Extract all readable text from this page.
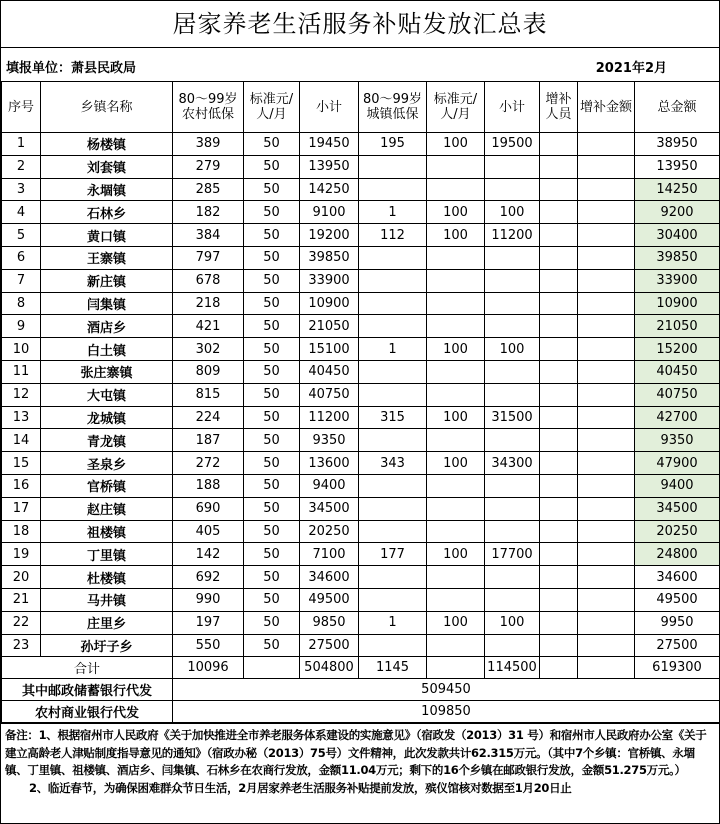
居家养老生活服务补贴发放汇总表
填报单位：萧县民政局	2021年2月
序号	乡镇名称	80～99岁农村低保	标准元/人/月	小计	80～99岁城镇低保	标准元/人/月	小计	增补人员	增补金额	总金额
1	杨楼镇	389	50	19450	195	100	19500			38950
2	刘套镇	279	50	13950						13950
3	永堌镇	285	50	14250						14250
4	石林乡	182	50	9100	1	100	100			9200
5	黄口镇	384	50	19200	112	100	11200			30400
6	王寨镇	797	50	39850						39850
7	新庄镇	678	50	33900						33900
8	闫集镇	218	50	10900						10900
9	酒店乡	421	50	21050						21050
10	白土镇	302	50	15100	1	100	100			15200
11	张庄寨镇	809	50	40450						40450
12	大屯镇	815	50	40750						40750
13	龙城镇	224	50	11200	315	100	31500			42700
14	青龙镇	187	50	9350						9350
15	圣泉乡	272	50	13600	343	100	34300			47900
16	官桥镇	188	50	9400						9400
17	赵庄镇	690	50	34500						34500
18	祖楼镇	405	50	20250						20250
19	丁里镇	142	50	7100	177	100	17700			24800
20	杜楼镇	692	50	34600						34600
21	马井镇	990	50	49500						49500
22	庄里乡	197	50	9850	1	100	100			9950
23	孙圩子乡	550	50	27500						27500
合计		10096		504800	1145		114500			619300
其中邮政储蓄银行代发		509450								
农村商业银行代发		109850								
备注：1、根据宿州市人民政府《关于加快推进全市养老服务体系建设的实施意见》（宿政发（2013）31 号）和宿州市人民政府办公室《关于建立高龄老人津贴制度指导意见的通知》（宿政办秘（2013）75号）文件精神，此次发款共计62.315万元。（其中7个乡镇：官桥镇、永堌镇、丁里镇、祖楼镇、酒店乡、闫集镇、石林乡在农商行发放，金额11.04万元；剩下的16个乡镇在邮政银行发放，金额51.275万元。）
2、临近春节，为确保困难群众节日生活，2月居家养老生活服务补贴提前发放，殡仪馆核对数据至1月20日止
